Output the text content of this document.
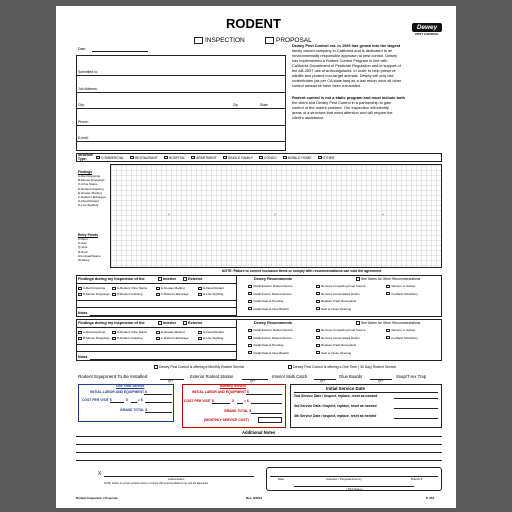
RODENT
INSPECTION	PROPOSAL
Dewey
PEST CONTROL
Date:
Submitted to:
Job Address:
City:	Zip	State
Phone:
E-mail:
Dewey Pest Control est. in 1929 has grown into the largest
family owned company in California and is dedicated to an
environmentally responsible approach to pest control. Dewey
has implemented a Rodent Control Program in line with
California Department of Pesticide Regulation and in support of
the AB-2657 use of anticoagulants. In order to help preserve
wildlife and protect non-target animals, Dewey will only use
rodenticides (as per CA state law) as a last resort once all other
control measures have been exhausted.
Rodent control is not a static program and must include both
the client and Dewey Pest Control in a partnership to gain
control of the rodent problem. Our inspection will identify
areas of a structure that need attention and will require the
client's assistance.
Structure Type:	COMMERCIAL	RESTAURANT	HOSPITAL	APARTMENT	SINGLE FAMILY	CONDO	MOBILE HOME	OTHER
Findings
A-Rat Droppings
B-Mouse Droppings
C-Urine Stains
D-Rodent Gnawing
E-Grease Mark(s)
F-Rodent Harborage
G-Dead Rodent
H-Live Sighting
Entry Points
O-Door
P-Gap
Q-Vent
R-Roof
GS-Gnaw/Space
W-Weep
+	+	+
NOTE: Failure to correct exclusion items or comply with recommendations can void the agreement
Findings during my inspection of the	Interior	Exterior	Dewey Recommends	See Notes for Other Recommendations
A-Rat Droppings	C-Rodent Urine Stains	E-Grease Mark(s)	G-Dead Rodent
B-Mouse Droppings	D-Rodent Gnawing	F-Rodent Harborage	H-Live Sighting
Notes
Install Exterior Rodent Device
Install Interior Rodent Device
Install Rodent Proofing
Install Rodent Glue Boards
Remove Competing Food Source
Remove Accumulated Debris
Replace Trash Receptacle
Seal or Close Opening
Vacuum or Sweep
Cut Back Shrubbery
Findings during my inspection of the	Interior	Exterior	Dewey Recommends	See Notes for Other Recommendations
A-Rat Droppings	C-Rodent Urine Stains	E-Grease Mark(s)	G-Dead Rodent
B-Mouse Droppings	D-Rodent Gnawing	F-Rodent Harborage	H-Live Sighting
Notes
Install Exterior Rodent Device
Install Interior Rodent Device
Install Rodent Proofing
Install Rodent Glue Boards
Remove Competing Food Source
Remove Accumulated Debris
Replace Trash Receptacle
Seal or Close Opening
Vacuum or Sweep
Cut Back Shrubbery
Dewey Pest Control is offering a Monthly Rodent Service	Dewey Pest Control is offering a One Time ( 30 Day) Rodent Service
Rodent Equipment To Be Installed	Exterior Rodent Station	Interior Multi Catch	Glue Boards	Snap/T-rex Trap
QTY	QTY	QTY	QTY
One Time Service
INITIAL LABOR AND EQUIPMENT $
COST PER VISIT $	X	= $
GRAND TOTAL $
Monthly Service
INITIAL LABOR AND EQUIPMENT $
COST PER VISIT $	X	= $
GRAND TOTAL $
(MONTHLY SERVICE COST)
Initial Service Date
2nd Service Date / Inspect, replace, reset as needed
3rd Service Date / Inspect, replace, reset as needed
4th Service Date / Inspect, replace, reset as needed
Additional Notes
X
Authorization
NOTE: Failure to correct exclusion items or comply with recommendations can void the agreement
Date	Inspector / Proposal done by	Branch #
( Print Name )
Rodent Inspection / Proposal	Rev. 6/2012	P. 351
